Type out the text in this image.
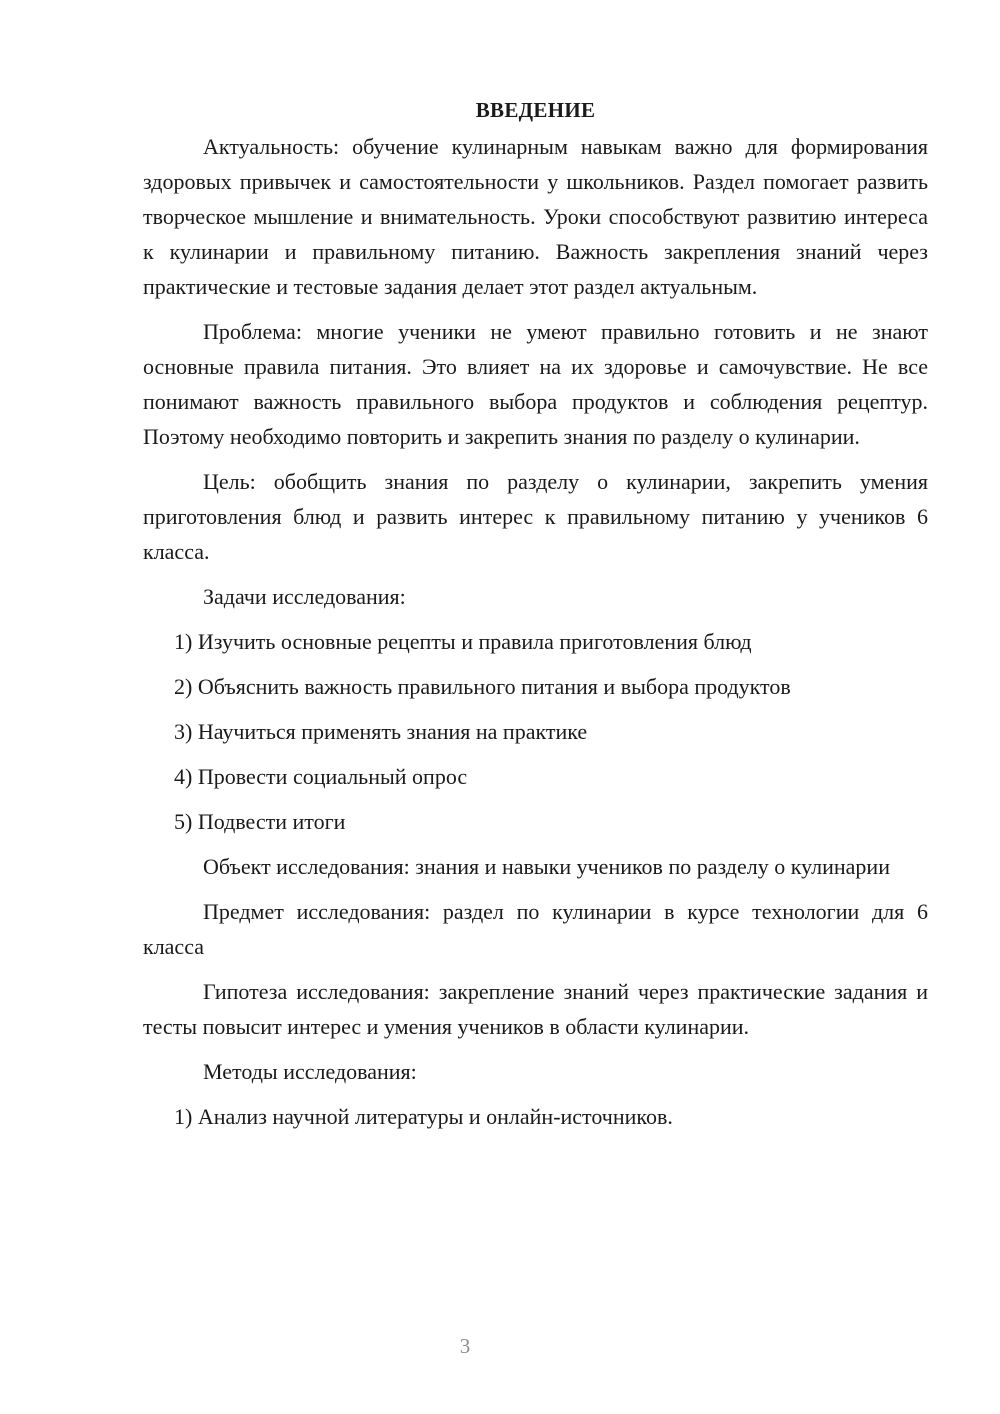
ВВЕДЕНИЕ

Актуальность: обучение кулинарным навыкам важно для формирования здоровых привычек и самостоятельности у школьников. Раздел помогает развить творческое мышление и внимательность. Уроки способствуют развитию интереса к кулинарии и правильному питанию. Важность закрепления знаний через практические и тестовые задания делает этот раздел актуальным.

Проблема: многие ученики не умеют правильно готовить и не знают основные правила питания. Это влияет на их здоровье и самочувствие. Не все понимают важность правильного выбора продуктов и соблюдения рецептур. Поэтому необходимо повторить и закрепить знания по разделу о кулинарии.

Цель: обобщить знания по разделу о кулинарии, закрепить умения приготовления блюд и развить интерес к правильному питанию у учеников 6 класса.

Задачи исследования:

1) Изучить основные рецепты и правила приготовления блюд
2) Объяснить важность правильного питания и выбора продуктов
3) Научиться применять знания на практике
4) Провести социальный опрос
5) Подвести итоги

Объект исследования: знания и навыки учеников по разделу о кулинарии

Предмет исследования: раздел по кулинарии в курсе технологии для 6 класса

Гипотеза исследования: закрепление знаний через практические задания и тесты повысит интерес и умения учеников в области кулинарии.

Методы исследования:

1) Анализ научной литературы и онлайн-источников.
3
